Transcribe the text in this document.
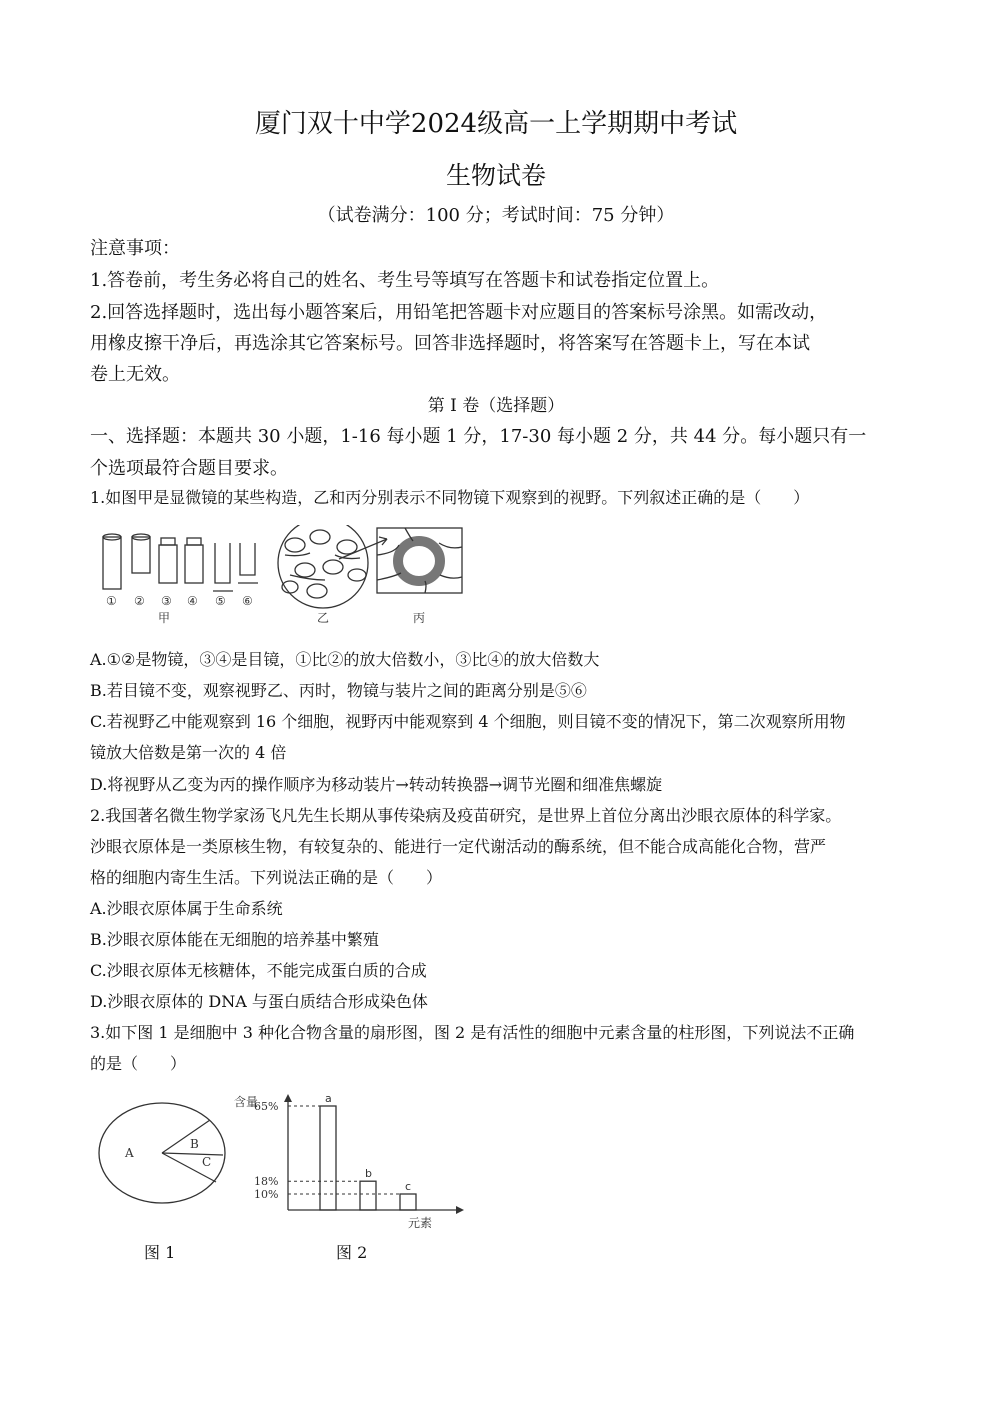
厦门双十中学2024级高一上学期期中考试
生物试卷
（试卷满分：100 分；考试时间：75 分钟）
注意事项：
1.答卷前，考生务必将自己的姓名、考生号等填写在答题卡和试卷指定位置上。
2.回答选择题时，选出每小题答案后，用铅笔把答题卡对应题目的答案标号涂黑。如需改动，
用橡皮擦干净后，再选涂其它答案标号。回答非选择题时，将答案写在答题卡上，写在本试
卷上无效。
第 I 卷（选择题）
一、选择题：本题共 30 小题，1-16 每小题 1 分，17-30 每小题 2 分，共 44 分。每小题只有一
个选项最符合题目要求。
1.如图甲是显微镜的某些构造，乙和丙分别表示不同物镜下观察到的视野。下列叙述正确的是（　　）
① ② ③ ④ ⑤ ⑥
甲	乙	丙
A.①②是物镜，③④是目镜，①比②的放大倍数小，③比④的放大倍数大
B.若目镜不变，观察视野乙、丙时，物镜与装片之间的距离分别是⑤⑥
C.若视野乙中能观察到 16 个细胞，视野丙中能观察到 4 个细胞，则目镜不变的情况下，第二次观察所用物
镜放大倍数是第一次的 4 倍
D.将视野从乙变为丙的操作顺序为移动装片→转动转换器→调节光圈和细准焦螺旋
2.我国著名微生物学家汤飞凡先生长期从事传染病及疫苗研究，是世界上首位分离出沙眼衣原体的科学家。
沙眼衣原体是一类原核生物，有较复杂的、能进行一定代谢活动的酶系统，但不能合成高能化合物，营严
格的细胞内寄生生活。下列说法正确的是（　　）
A.沙眼衣原体属于生命系统
B.沙眼衣原体能在无细胞的培养基中繁殖
C.沙眼衣原体无核糖体，不能完成蛋白质的合成
D.沙眼衣原体的 DNA 与蛋白质结合形成染色体
3.如下图 1 是细胞中 3 种化合物含量的扇形图，图 2 是有活性的细胞中元素含量的柱形图，下列说法不正确
的是（　　）
A
B
C
图 1
a
65%
b
18%	c
10%
含量
元素
图 2
